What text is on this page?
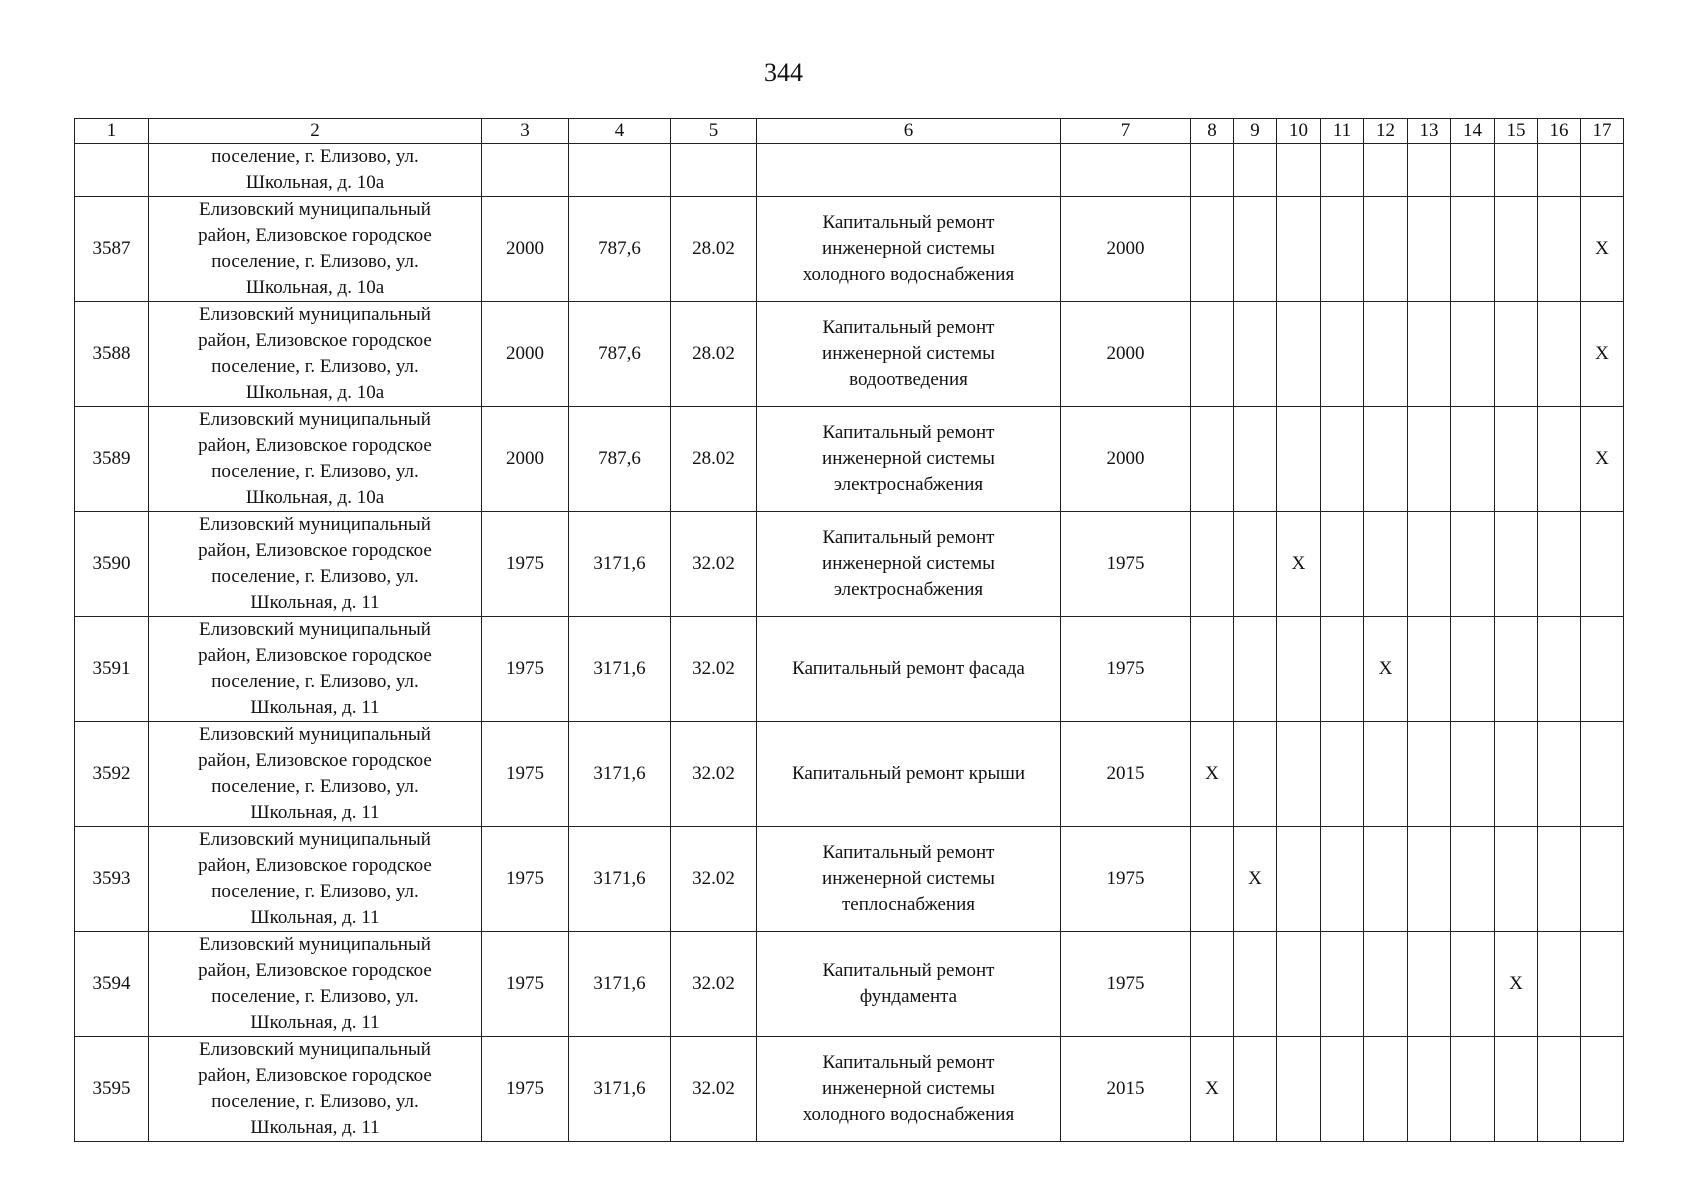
344
1	2	3	4	5	6	7	8	9	10	11	12	13	14	15	16	17
	поселение, г. Елизово, ул.
Школьная, д. 10а															
3587	Елизовский муниципальный
район, Елизовское городское
поселение, г. Елизово, ул.
Школьная, д. 10а	2000	787,6	28.02	Капитальный ремонт
инженерной системы
холодного водоснабжения	2000										X
3588	Елизовский муниципальный
район, Елизовское городское
поселение, г. Елизово, ул.
Школьная, д. 10а	2000	787,6	28.02	Капитальный ремонт
инженерной системы
водоотведения	2000										X
3589	Елизовский муниципальный
район, Елизовское городское
поселение, г. Елизово, ул.
Школьная, д. 10а	2000	787,6	28.02	Капитальный ремонт
инженерной системы
электроснабжения	2000										X
3590	Елизовский муниципальный
район, Елизовское городское
поселение, г. Елизово, ул.
Школьная, д. 11	1975	3171,6	32.02	Капитальный ремонт
инженерной системы
электроснабжения	1975			X							
3591	Елизовский муниципальный
район, Елизовское городское
поселение, г. Елизово, ул.
Школьная, д. 11	1975	3171,6	32.02	Капитальный ремонт фасада	1975					X					
3592	Елизовский муниципальный
район, Елизовское городское
поселение, г. Елизово, ул.
Школьная, д. 11	1975	3171,6	32.02	Капитальный ремонт крыши	2015	X									
3593	Елизовский муниципальный
район, Елизовское городское
поселение, г. Елизово, ул.
Школьная, д. 11	1975	3171,6	32.02	Капитальный ремонт
инженерной системы
теплоснабжения	1975		X								
3594	Елизовский муниципальный
район, Елизовское городское
поселение, г. Елизово, ул.
Школьная, д. 11	1975	3171,6	32.02	Капитальный ремонт
фундамента	1975								X		
3595	Елизовский муниципальный
район, Елизовское городское
поселение, г. Елизово, ул.
Школьная, д. 11	1975	3171,6	32.02	Капитальный ремонт
инженерной системы
холодного водоснабжения	2015	X									
